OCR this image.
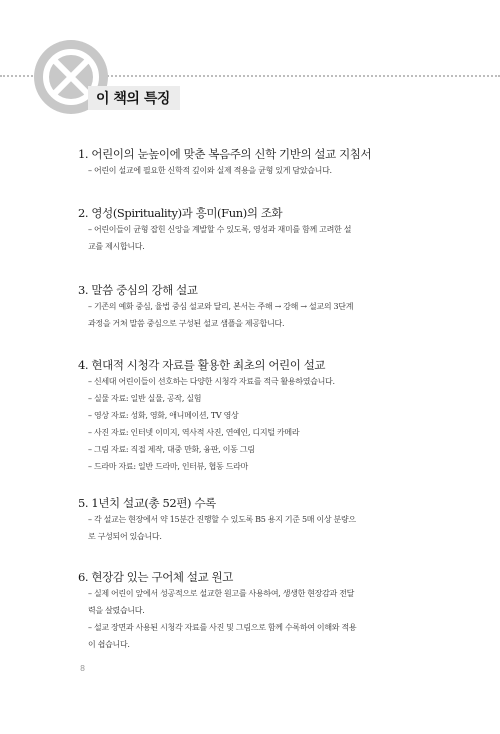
이 책의 특징
1. 어린이의 눈높이에 맞춘 복음주의 신학 기반의 설교 지침서
– 어린이 설교에 필요한 신학적 깊이와 실제 적용을 균형 있게 담았습니다.
2. 영성(Spirituality)과 흥미(Fun)의 조화
– 어린이들이 균형 잡힌 신앙을 계발할 수 있도록, 영성과 재미를 함께 고려한 설
교를 제시합니다.
3. 말씀 중심의 강해 설교
– 기존의 예화 중심, 율법 중심 설교와 달리, 본서는 주해 → 강해 → 설교의 3단계
과정을 거쳐 말씀 중심으로 구성된 설교 샘플을 제공합니다.
4. 현대적 시청각 자료를 활용한 최초의 어린이 설교
– 신세대 어린이들이 선호하는 다양한 시청각 자료를 적극 활용하였습니다.
– 실물 자료: 일반 실물, 공작, 실험
– 영상 자료: 성화, 영화, 애니메이션, TV 영상
– 사진 자료: 인터넷 이미지, 역사적 사진, 연예인, 디지털 카메라
– 그림 자료: 직접 제작, 대중 만화, 융판, 이동 그림
– 드라마 자료: 일반 드라마, 인터뷰, 협동 드라마
5. 1년치 설교(총 52편) 수록
– 각 설교는 현장에서 약 15분간 진행할 수 있도록 B5 용지 기준 5매 이상 분량으
로 구성되어 있습니다.
6. 현장감 있는 구어체 설교 원고
– 실제 어린이 앞에서 성공적으로 설교한 원고를 사용하여, 생생한 현장감과 전달
력을 살렸습니다.
– 설교 장면과 사용된 시청각 자료를 사진 및 그림으로 함께 수록하여 이해와 적용
이 쉽습니다.
8
